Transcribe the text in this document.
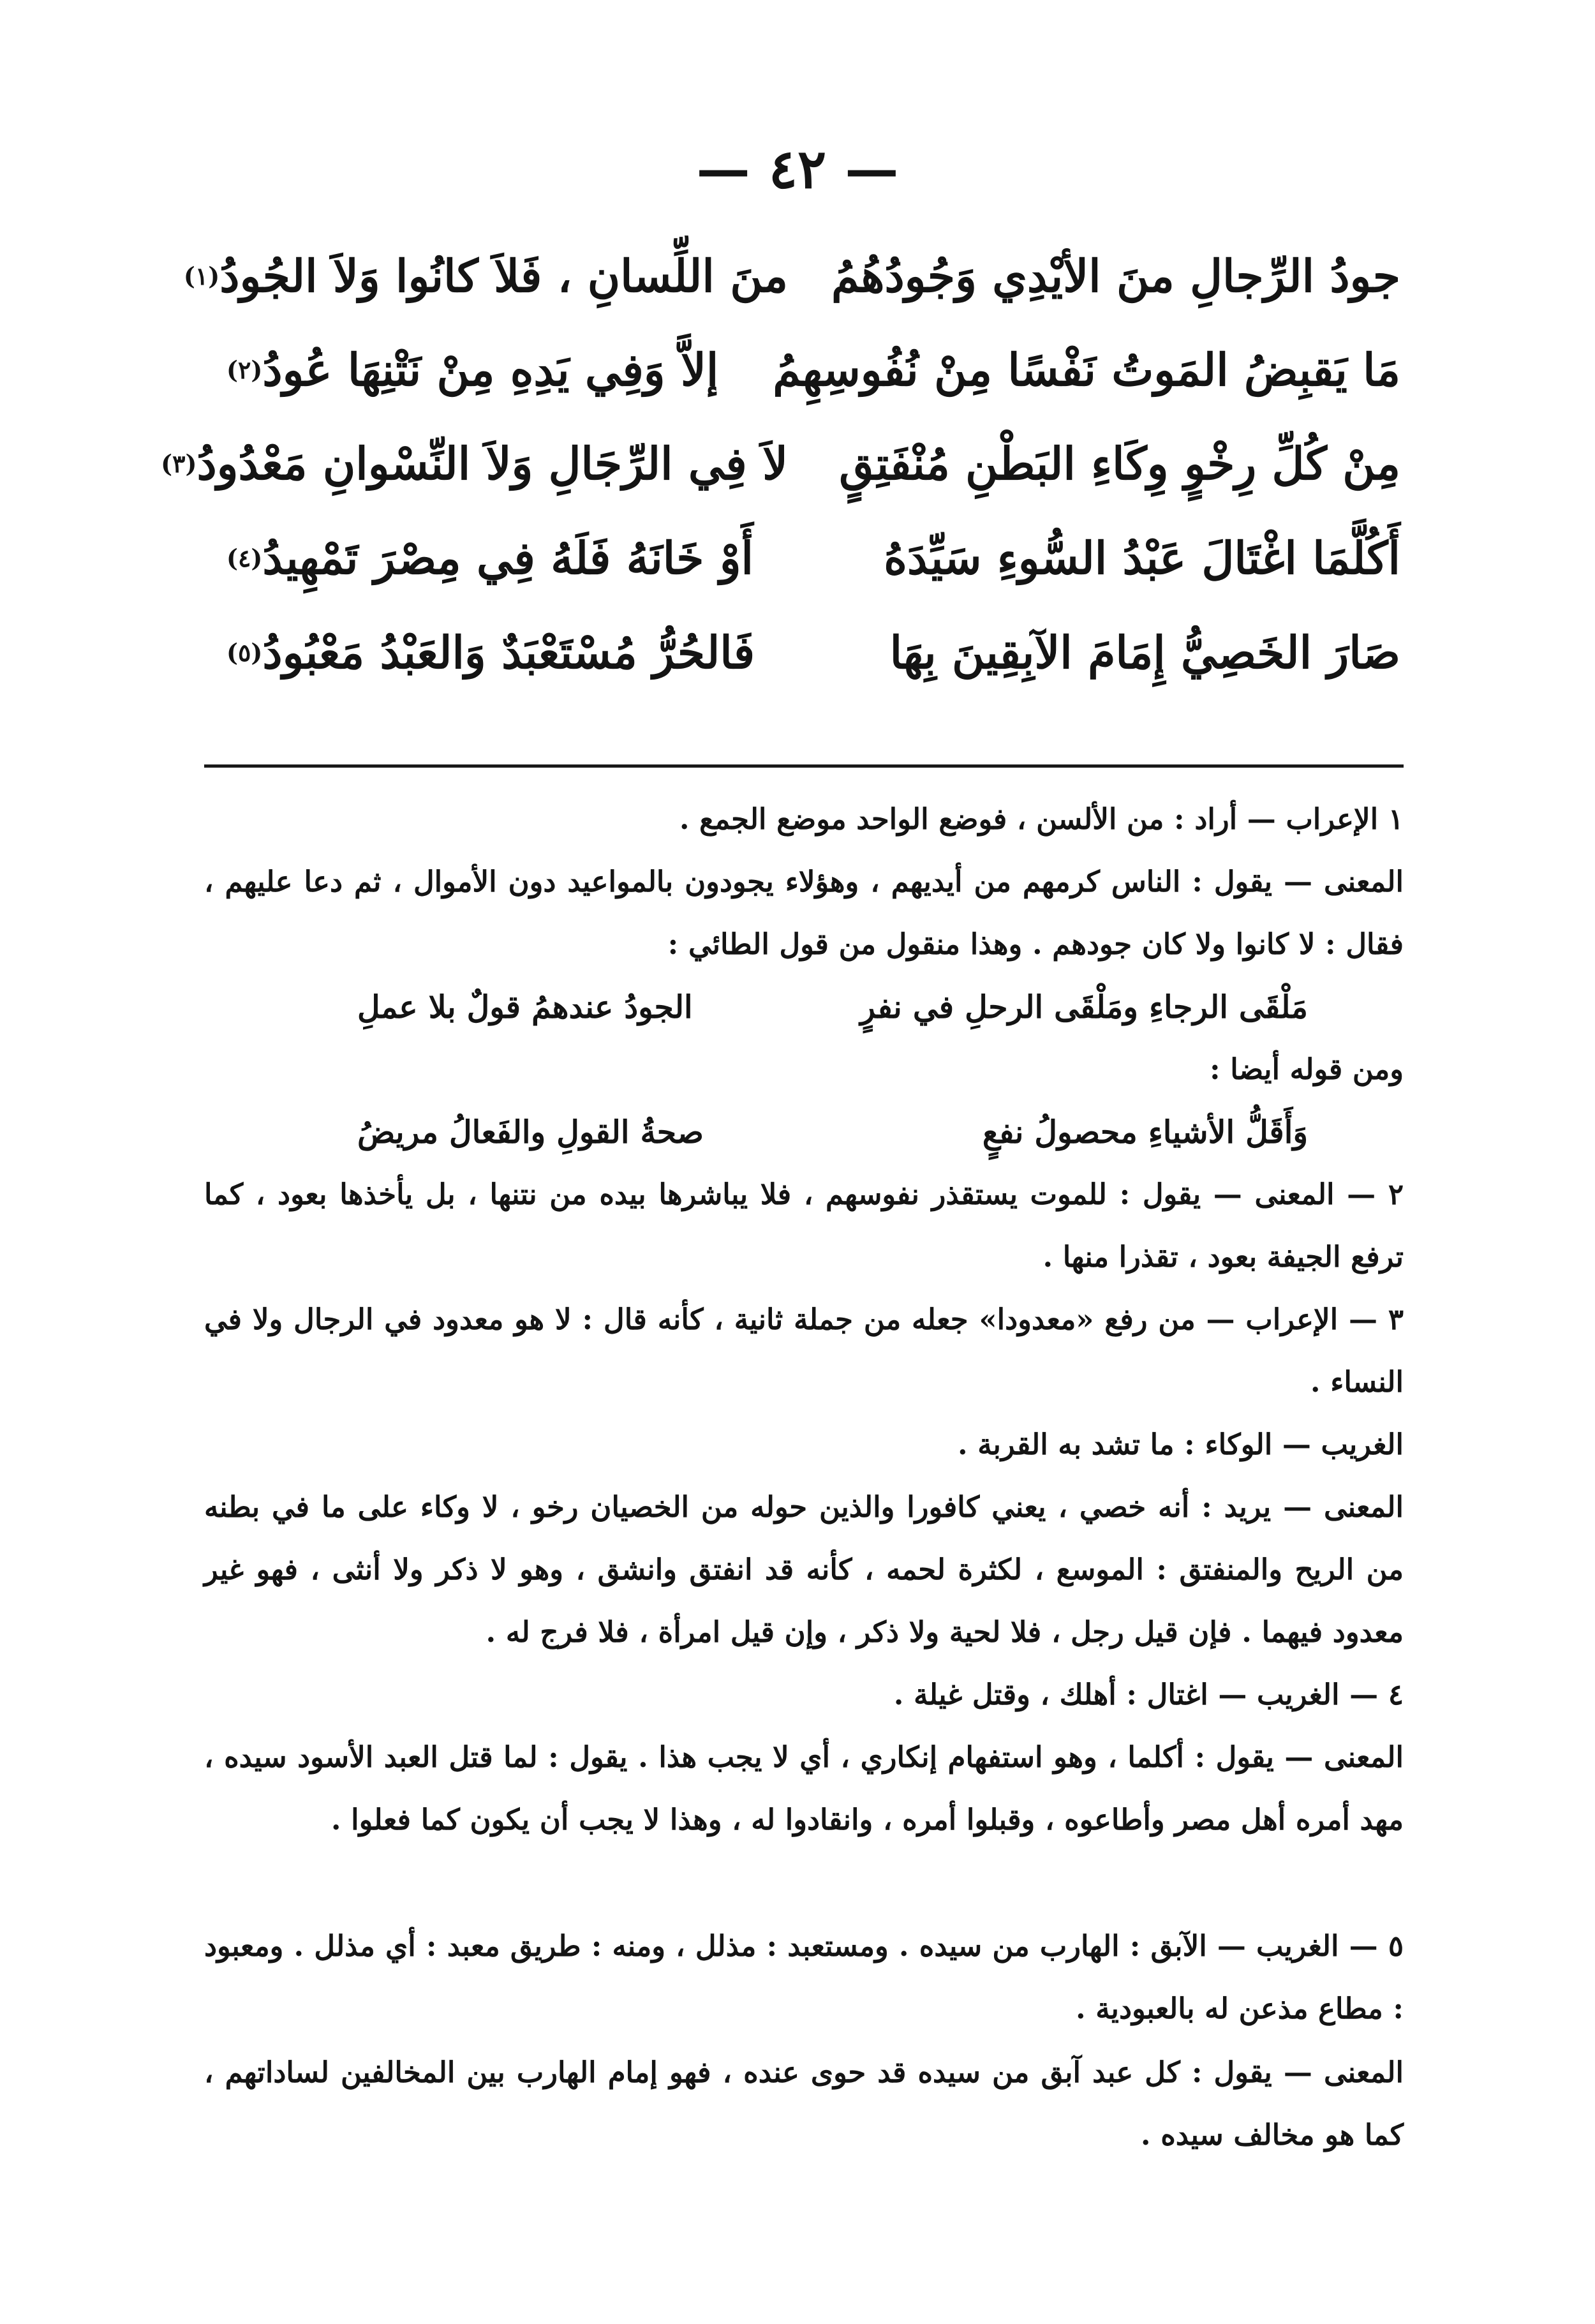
— ٤٢ —
جودُ الرِّجالِ منَ الأيْدِي وَجُودُهُمُ
منَ اللِّسانِ ، فَلاَ كانُوا وَلاَ الجُودُ$^{(١)}$
مَا يَقبِضُ المَوتُ نَفْسًا مِنْ نُفُوسِهِمُ
إلاَّ وَفِي يَدِهِ مِنْ نَتْنِهَا عُودُ$^{(٢)}$
مِنْ كُلِّ رِخْوٍ وِكَاءِ البَطْنِ مُنْفَتِقٍ
لاَ فِي الرِّجَالِ وَلاَ النِّسْوانِ مَعْدُودُ$^{(٣)}$
أَكُلَّمَا اغْتَالَ عَبْدُ السُّوءِ سَيِّدَهُ
أَوْ خَانَهُ فَلَهُ فِي مِصْرَ تَمْهِيدُ$^{(٤)}$
صَارَ الخَصِيُّ إِمَامَ الآبِقِينَ بِهَا
فَالحُرُّ مُسْتَعْبَدٌ وَالعَبْدُ مَعْبُودُ$^{(٥)}$
١ الإعراب — أراد : من الألسن ، فوضع الواحد موضع الجمع .
المعنى — يقول : الناس كرمهم من أيديهم ، وهؤلاء يجودون بالمواعيد دون الأموال ، ثم دعا عليهم ، فقال : لا كانوا ولا كان جودهم . وهذا منقول من قول الطائي :
مَلْقَى الرجاءِ ومَلْقَى الرحلِ في نفرٍ
الجودُ عندهمُ قولٌ بلا عملِ
ومن قوله أيضا :
وَأَقَلُّ الأشياءِ محصولُ نفعٍ
صحةُ القولِ والفَعالُ مريضُ
٢ — المعنى — يقول : للموت يستقذر نفوسهم ، فلا يباشرها بيده من نتنها ، بل يأخذها بعود ، كما ترفع الجيفة بعود ، تقذرا منها .
٣ — الإعراب — من رفع «معدودا» جعله من جملة ثانية ، كأنه قال : لا هو معدود في الرجال ولا في النساء .
الغريب — الوكاء : ما تشد به القربة .
المعنى — يريد : أنه خصي ، يعني كافورا والذين حوله من الخصيان رخو ، لا وكاء على ما في بطنه من الريح والمنفتق : الموسع ، لكثرة لحمه ، كأنه قد انفتق وانشق ، وهو لا ذكر ولا أنثى ، فهو غير معدود فيهما . فإن قيل رجل ، فلا لحية ولا ذكر ، وإن قيل امرأة ، فلا فرج له .
٤ — الغريب — اغتال : أهلك ، وقتل غيلة .
المعنى — يقول : أكلما ، وهو استفهام إنكاري ، أي لا يجب هذا . يقول : لما قتل العبد الأسود سيده ، مهد أمره أهل مصر وأطاعوه ، وقبلوا أمره ، وانقادوا له ، وهذا لا يجب أن يكون كما فعلوا .
٥ — الغريب — الآبق : الهارب من سيده . ومستعبد : مذلل ، ومنه : طريق معبد : أي مذلل . ومعبود : مطاع مذعن له بالعبودية .
المعنى — يقول : كل عبد آبق من سيده قد حوى عنده ، فهو إمام الهارب بين المخالفين لساداتهم ، كما هو مخالف سيده .
